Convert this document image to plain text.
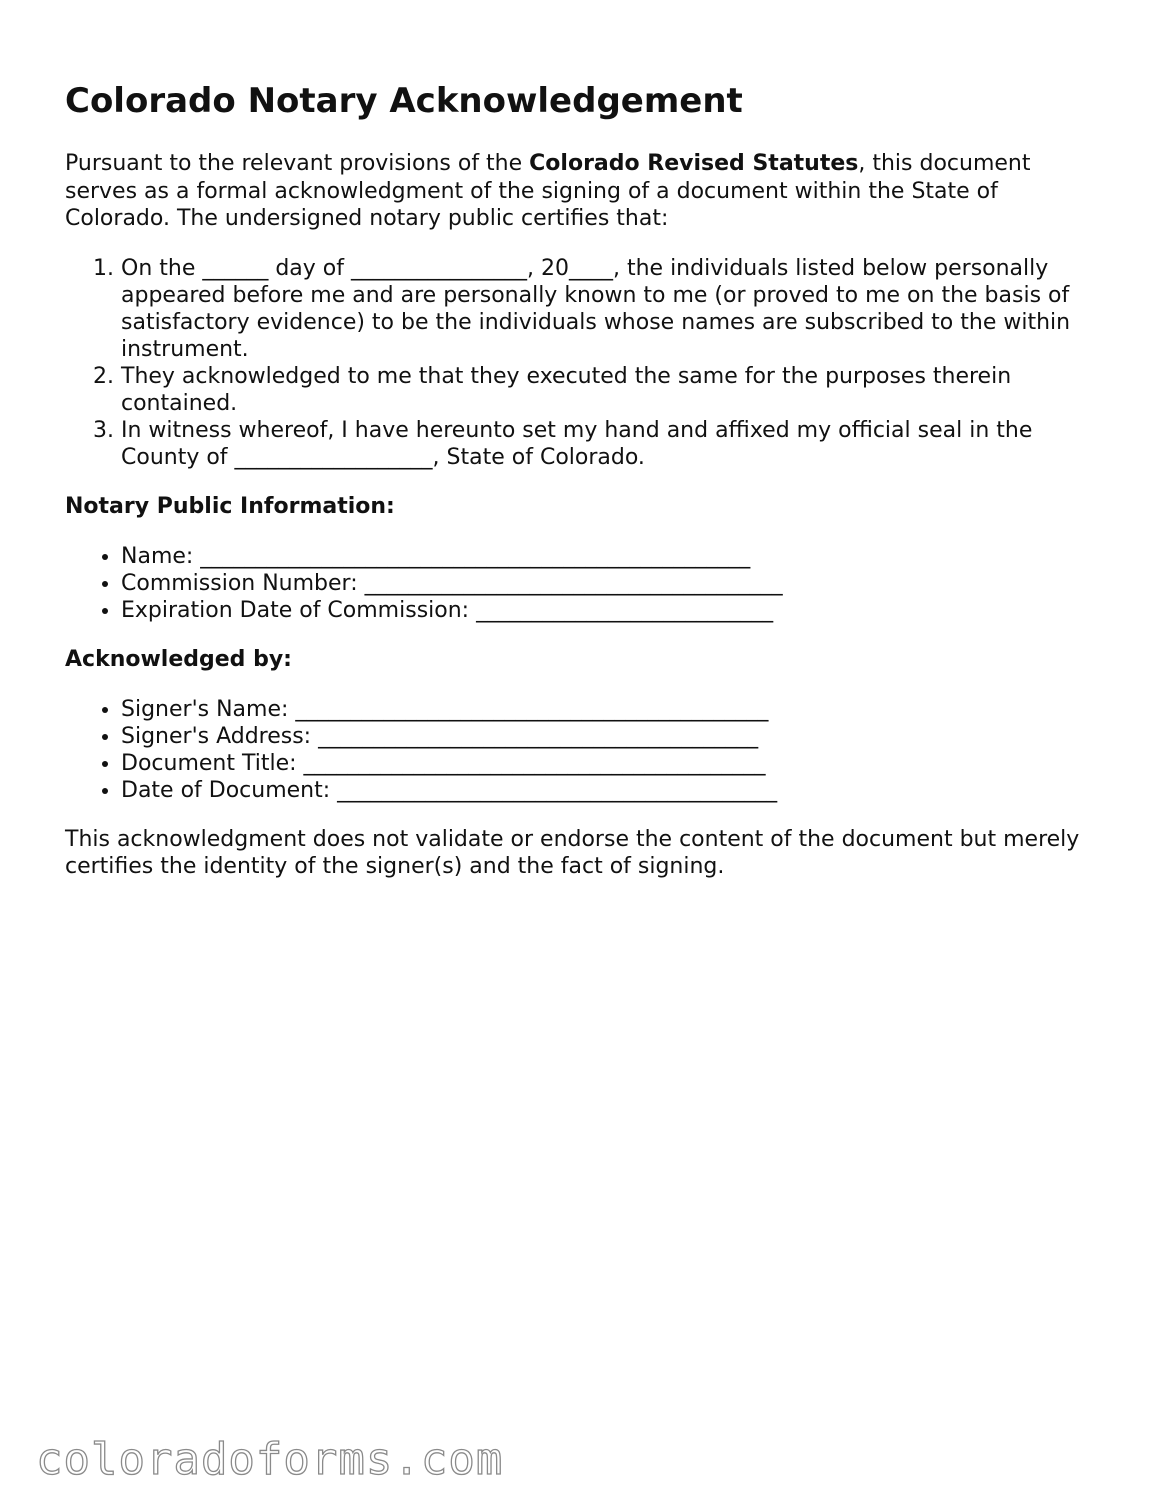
Colorado Notary Acknowledgement

Pursuant to the relevant provisions of the Colorado Revised Statutes, this document serves as a formal acknowledgment of the signing of a document within the State of Colorado. The undersigned notary public certifies that:

1. On the ______ day of ________________, 20____, the individuals listed below personally appeared before me and are personally known to me (or proved to me on the basis of satisfactory evidence) to be the individuals whose names are subscribed to the within instrument.
2. They acknowledged to me that they executed the same for the purposes therein contained.
3. In witness whereof, I have hereunto set my hand and affixed my official seal in the County of __________________, State of Colorado.
Notary Public Information:
• Name: __________________________________________________
• Commission Number: ______________________________________
• Expiration Date of Commission: ___________________________
Acknowledged by:
• Signer's Name: ___________________________________________
• Signer's Address: ________________________________________
• Document Title: __________________________________________
• Date of Document: ________________________________________

This acknowledgment does not validate or endorse the content of the document but merely certifies the identity of the signer(s) and the fact of signing.

coloradoforms.com
